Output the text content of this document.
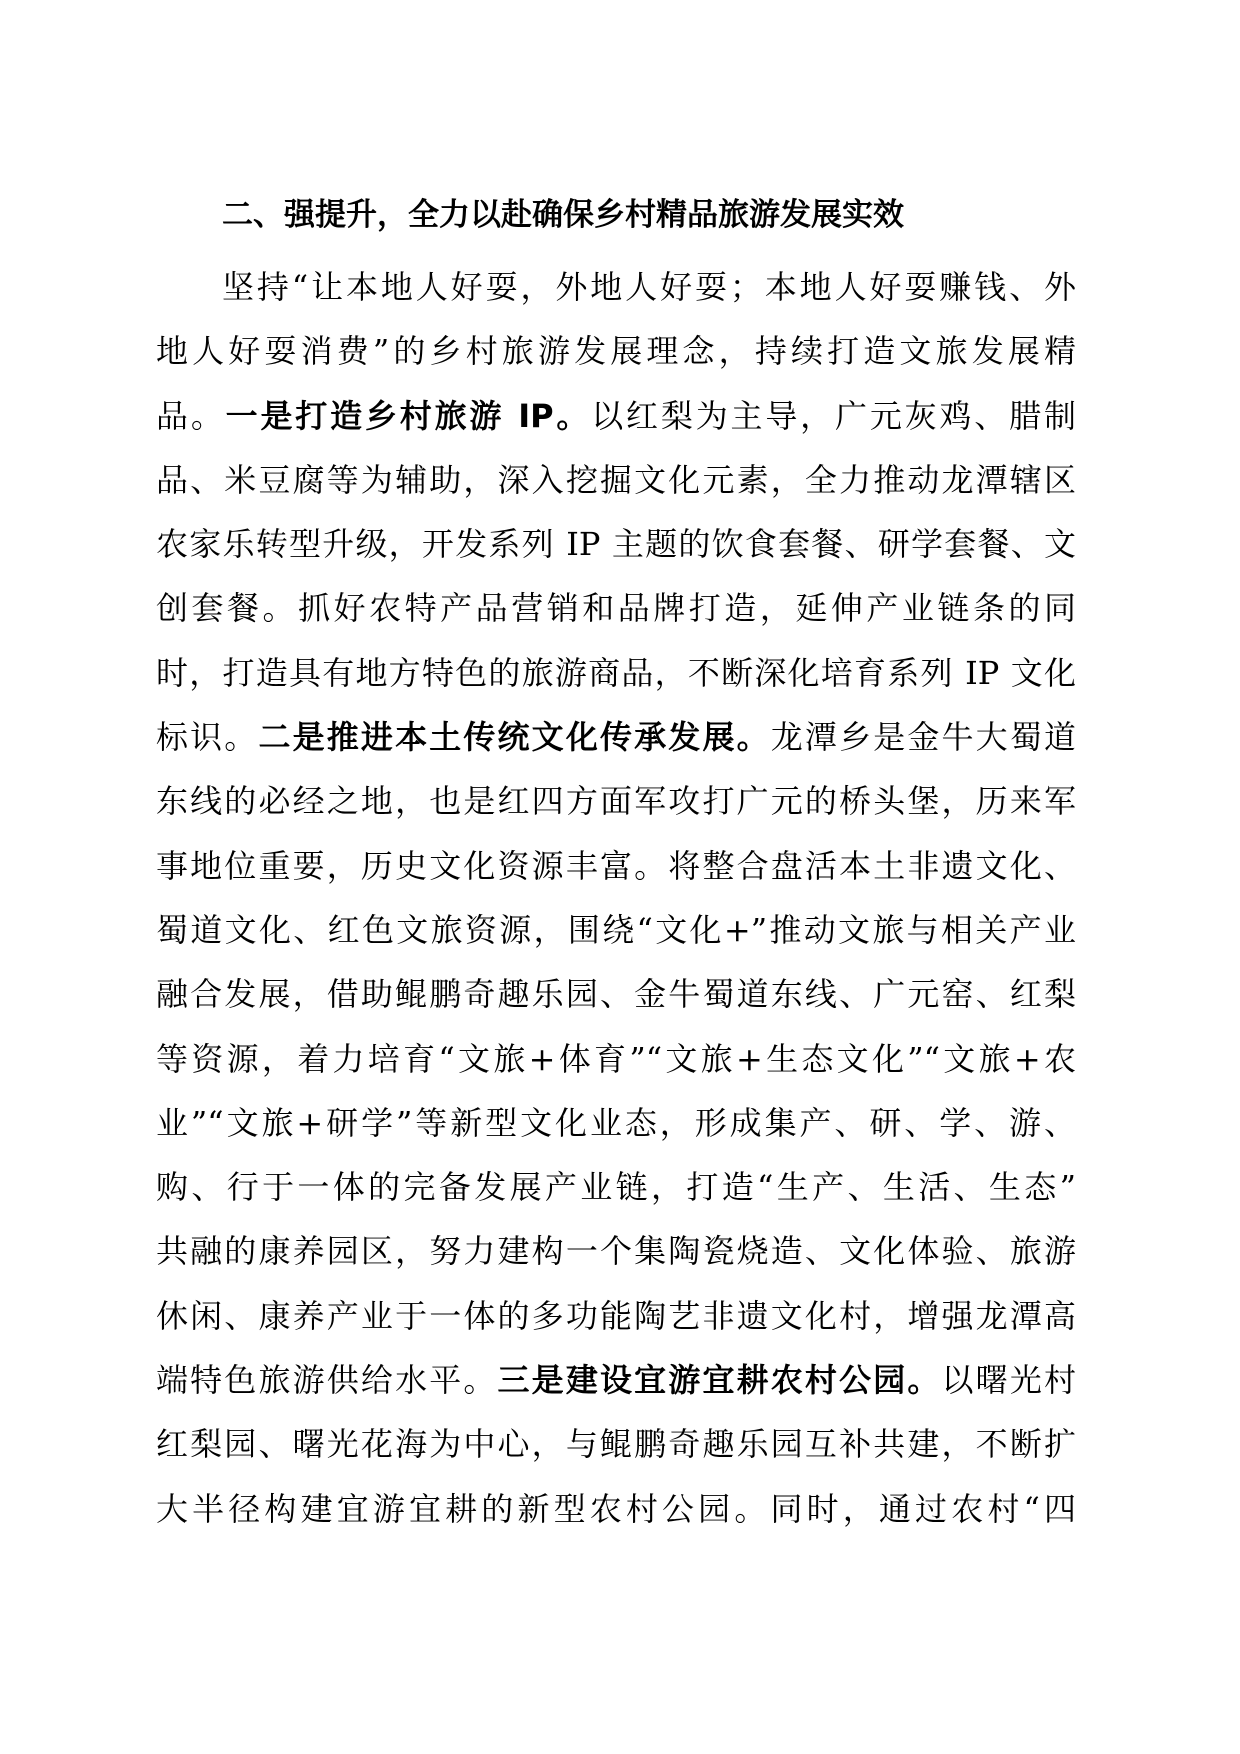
二、强提升，全力以赴确保乡村精品旅游发展实效
坚持“让本地人好耍，外地人好耍；本地人好耍赚钱、外
地人好耍消费”的乡村旅游发展理念，持续打造文旅发展精
品。一是打造乡村旅游 IP。以红梨为主导，广元灰鸡、腊制
品、米豆腐等为辅助，深入挖掘文化元素，全力推动龙潭辖区
农家乐转型升级，开发系列 IP 主题的饮食套餐、研学套餐、文
创套餐。抓好农特产品营销和品牌打造，延伸产业链条的同
时，打造具有地方特色的旅游商品，不断深化培育系列 IP 文化
标识。二是推进本土传统文化传承发展。龙潭乡是金牛大蜀道
东线的必经之地，也是红四方面军攻打广元的桥头堡，历来军
事地位重要，历史文化资源丰富。将整合盘活本土非遗文化、
蜀道文化、红色文旅资源，围绕“文化+”推动文旅与相关产业
融合发展，借助鲲鹏奇趣乐园、金牛蜀道东线、广元窑、红梨
等资源，着力培育“文旅+体育”“文旅+生态文化”“文旅+农
业”“文旅+研学”等新型文化业态，形成集产、研、学、游、
购、行于一体的完备发展产业链，打造“生产、生活、生态”
共融的康养园区，努力建构一个集陶瓷烧造、文化体验、旅游
休闲、康养产业于一体的多功能陶艺非遗文化村，增强龙潭高
端特色旅游供给水平。三是建设宜游宜耕农村公园。以曙光村
红梨园、曙光花海为中心，与鲲鹏奇趣乐园互补共建，不断扩
大半径构建宜游宜耕的新型农村公园。同时，通过农村“四
